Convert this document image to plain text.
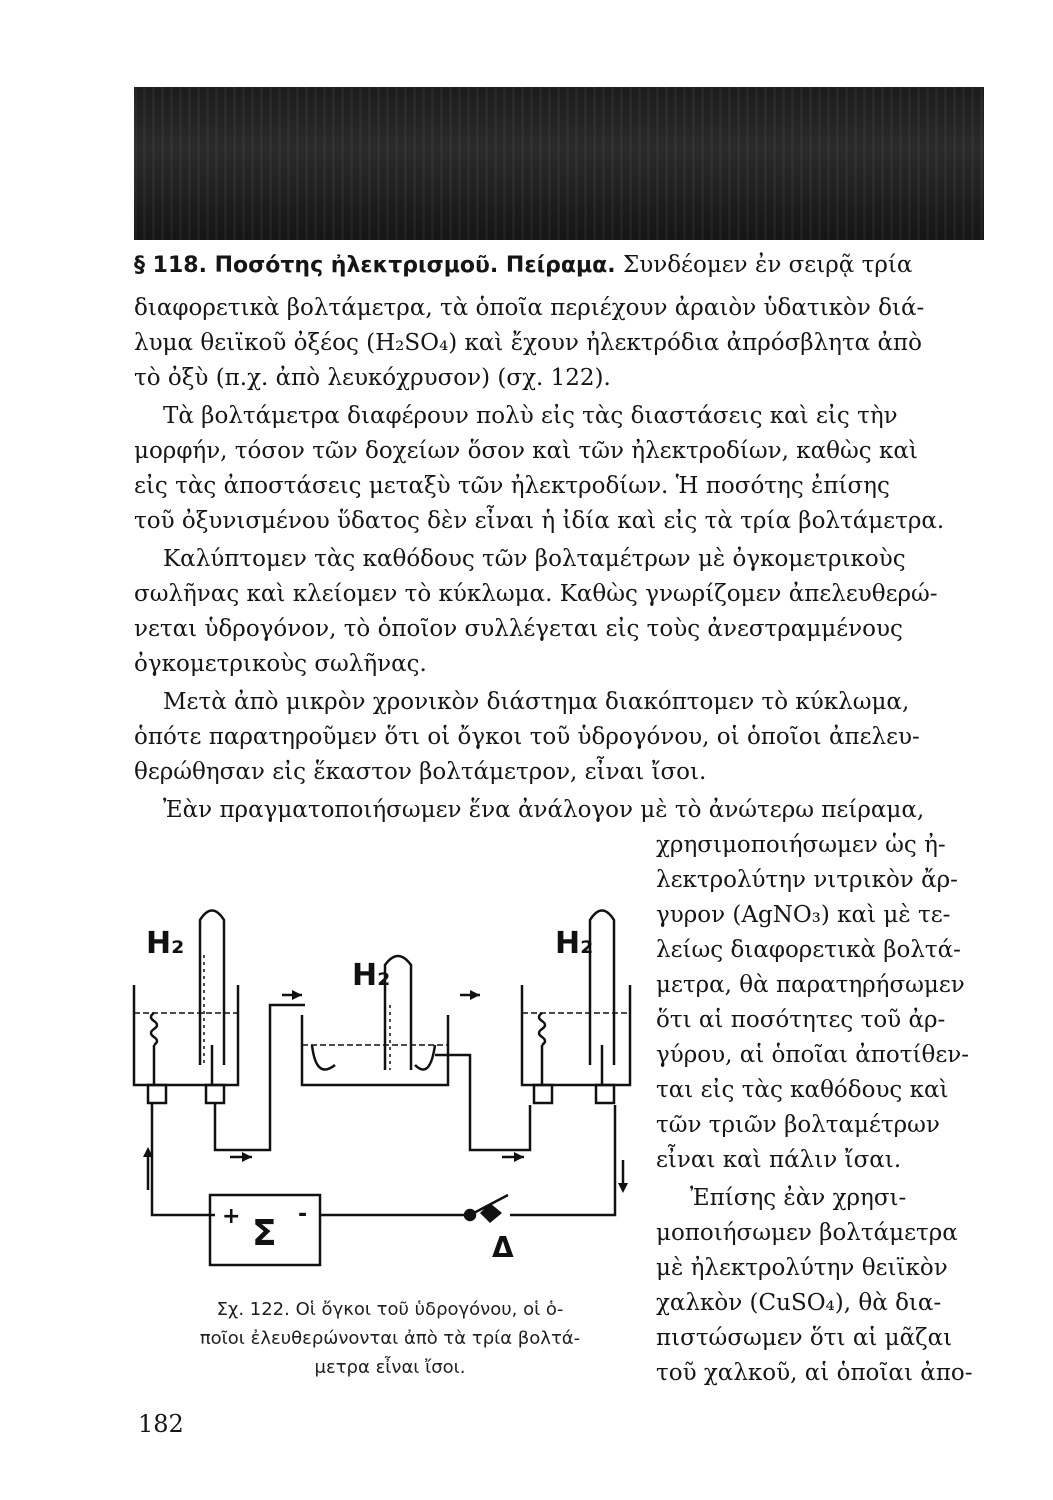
§ 118. Ποσότης ἠλεκτρισμοῦ. Πείραμα. Συνδέομεν ἐν σειρᾷ τρία
διαφορετικὰ βολτάμετρα, τὰ ὁποῖα περιέχουν ἀραιὸν ὑδατικὸν διά-
λυμα θειϊκοῦ ὀξέος (H₂SO₄) καὶ ἔχουν ἠλεκτρόδια ἀπρόσβλητα ἀπὸ
τὸ ὀξὺ (π.χ. ἀπὸ λευκόχρυσον) (σχ. 122).
Τὰ βολτάμετρα διαφέρουν πολὺ εἰς τὰς διαστάσεις καὶ εἰς τὴν
μορφήν, τόσον τῶν δοχείων ὅσον καὶ τῶν ἠλεκτροδίων, καθὼς καὶ
εἰς τὰς ἀποστάσεις μεταξὺ τῶν ἠλεκτροδίων. Ἡ ποσότης ἐπίσης
τοῦ ὀξυνισμένου ὕδατος δὲν εἶναι ἡ ἰδία καὶ εἰς τὰ τρία βολτάμετρα.
Καλύπτομεν τὰς καθόδους τῶν βολταμέτρων μὲ ὀγκομετρικοὺς
σωλῆνας καὶ κλείομεν τὸ κύκλωμα. Καθὼς γνωρίζομεν ἀπελευθερώ-
νεται ὑδρογόνον, τὸ ὁποῖον συλλέγεται εἰς τοὺς ἀνεστραμμένους
ὀγκομετρικοὺς σωλῆνας.
Μετὰ ἀπὸ μικρὸν χρονικὸν διάστημα διακόπτομεν τὸ κύκλωμα,
ὁπότε παρατηροῦμεν ὅτι οἱ ὄγκοι τοῦ ὑδρογόνου, οἱ ὁποῖοι ἀπελευ-
θερώθησαν εἰς ἕκαστον βολτάμετρον, εἶναι ἴσοι.
Ἐὰν πραγματοποιήσωμεν ἕνα ἀνάλογον μὲ τὸ ἀνώτερω πείραμα,
χρησιμοποιήσωμεν ὡς ἠ-
λεκτρολύτην νιτρικὸν ἄρ-
γυρον (AgNO₃) καὶ μὲ τε-
λείως διαφορετικὰ βολτά-
μετρα, θὰ παρατηρήσωμεν
ὅτι αἱ ποσότητες τοῦ ἀρ-
γύρου, αἱ ὁποῖαι ἀποτίθεν-
ται εἰς τὰς καθόδους καὶ
τῶν τριῶν βολταμέτρων
εἶναι καὶ πάλιν ἴσαι.
Ἐπίσης ἐὰν χρησι-
μοποιήσωμεν βολτάμετρα
μὲ ἠλεκτρολύτην θειϊκὸν
χαλκὸν (CuSO₄), θὰ δια-
πιστώσωμεν ὅτι αἱ μᾶζαι
τοῦ χαλκοῦ, αἱ ὁποῖαι ἀπο-
H₂
H₂
H₂
Σ
+	-
Δ
Σχ. 122. Οἱ ὄγκοι τοῦ ὑδρογόνου, οἱ ὁ-
ποῖοι ἐλευθερώνονται ἀπὸ τὰ τρία βολτά-
μετρα εἶναι ἴσοι.
182
